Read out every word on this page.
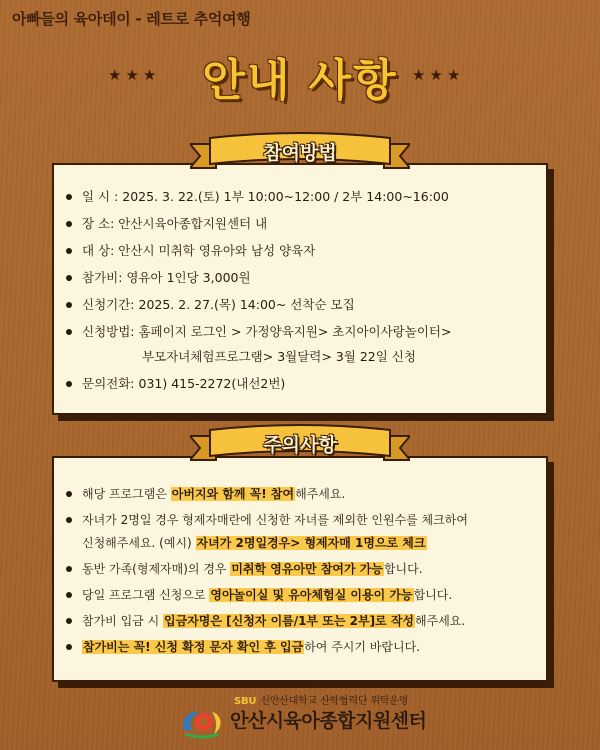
아빠들의 육아데이 - 레트로 추억여행
★★★ 안내 사항 ★★★
일 시 : 2025. 3. 22.(토) 1부 10:00~12:00 / 2부 14:00~16:00
장 소: 안산시육아종합지원센터 내
대 상: 안산시 미취학 영유아와 남성 양육자
참가비: 영유아 1인당 3,000원
신청기간: 2025. 2. 27.(목) 14:00~ 선착순 모집
신청방법: 홈페이지 로그인 > 가정양육지원> 초지아이사랑놀이터>
부모자녀체험프로그램> 3월달력> 3월 22일 신청
문의전화: 031) 415-2272(내선2번)
참여방법
해당 프로그램은 아버지와 함께 꼭! 참여해주세요.
자녀가 2명일 경우 형제자매란에 신청한 자녀를 제외한 인원수를 체크하여
신청해주세요. (예시) 자녀가 2명일경우> 형제자매 1명으로 체크
동반 가족(형제자매)의 경우 미취학 영유아만 참여가 가능합니다.
당일 프로그램 신청으로 영아놀이실 및 유아체험실 이용이 가능합니다.
참가비 입금 시 입금자명은 [신청자 이름/1부 또는 2부]로 작성해주세요.
참가비는 꼭! 신청 확정 문자 확인 후 입금하여 주시기 바랍니다.
주의사항
SBU 신안산대학교 산학협력단 위탁운영
안산시육아종합지원센터
